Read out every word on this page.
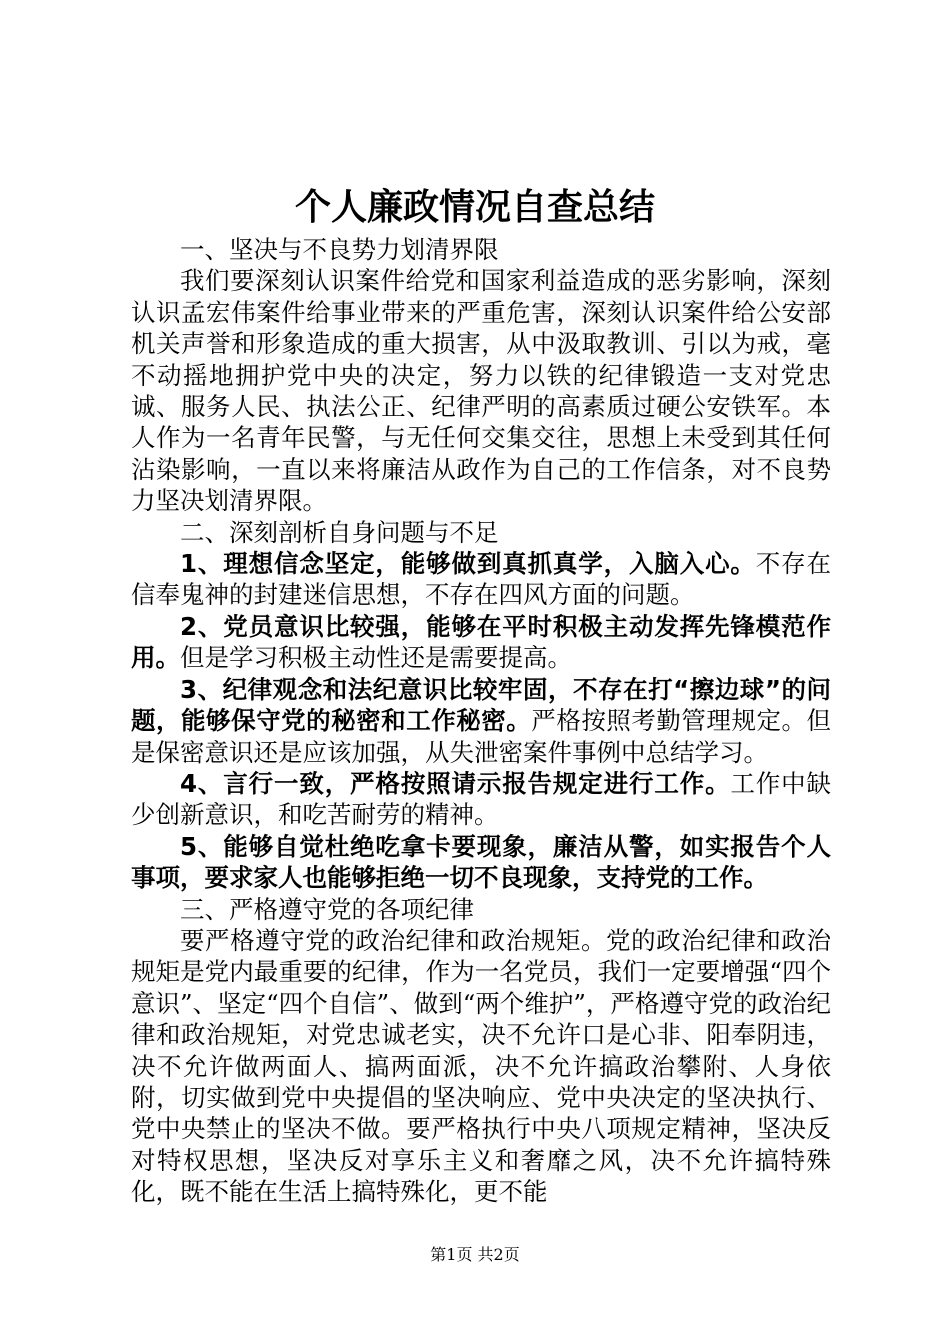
个人廉政情况自查总结

一、坚决与不良势力划清界限

我们要深刻认识案件给党和国家利益造成的恶劣影响，深刻认识孟宏伟案件给事业带来的严重危害，深刻认识案件给公安部机关声誉和形象造成的重大损害，从中汲取教训、引以为戒，毫不动摇地拥护党中央的决定，努力以铁的纪律锻造一支对党忠诚、服务人民、执法公正、纪律严明的高素质过硬公安铁军。本人作为一名青年民警，与无任何交集交往，思想上未受到其任何沾染影响，一直以来将廉洁从政作为自己的工作信条，对不良势力坚决划清界限。

二、深刻剖析自身问题与不足

1、理想信念坚定，能够做到真抓真学，入脑入心。不存在信奉鬼神的封建迷信思想，不存在四风方面的问题。

2、党员意识比较强，能够在平时积极主动发挥先锋模范作用。但是学习积极主动性还是需要提高。

3、纪律观念和法纪意识比较牢固，不存在打“擦边球”的问题，能够保守党的秘密和工作秘密。严格按照考勤管理规定。但是保密意识还是应该加强，从失泄密案件事例中总结学习。

4、言行一致，严格按照请示报告规定进行工作。工作中缺少创新意识，和吃苦耐劳的精神。

5、能够自觉杜绝吃拿卡要现象，廉洁从警，如实报告个人事项，要求家人也能够拒绝一切不良现象，支持党的工作。

三、严格遵守党的各项纪律

要严格遵守党的政治纪律和政治规矩。党的政治纪律和政治规矩是党内最重要的纪律，作为一名党员，我们一定要增强“四个意识”、坚定“四个自信”、做到“两个维护”，严格遵守党的政治纪律和政治规矩，对党忠诚老实，决不允许口是心非、阳奉阴违，决不允许做两面人、搞两面派，决不允许搞政治攀附、人身依附，切实做到党中央提倡的坚决响应、党中央决定的坚决执行、党中央禁止的坚决不做。要严格执行中央八项规定精神，坚决反对特权思想，坚决反对享乐主义和奢靡之风，决不允许搞特殊化，既不能在生活上搞特殊化，更不能

第1页 共2页
